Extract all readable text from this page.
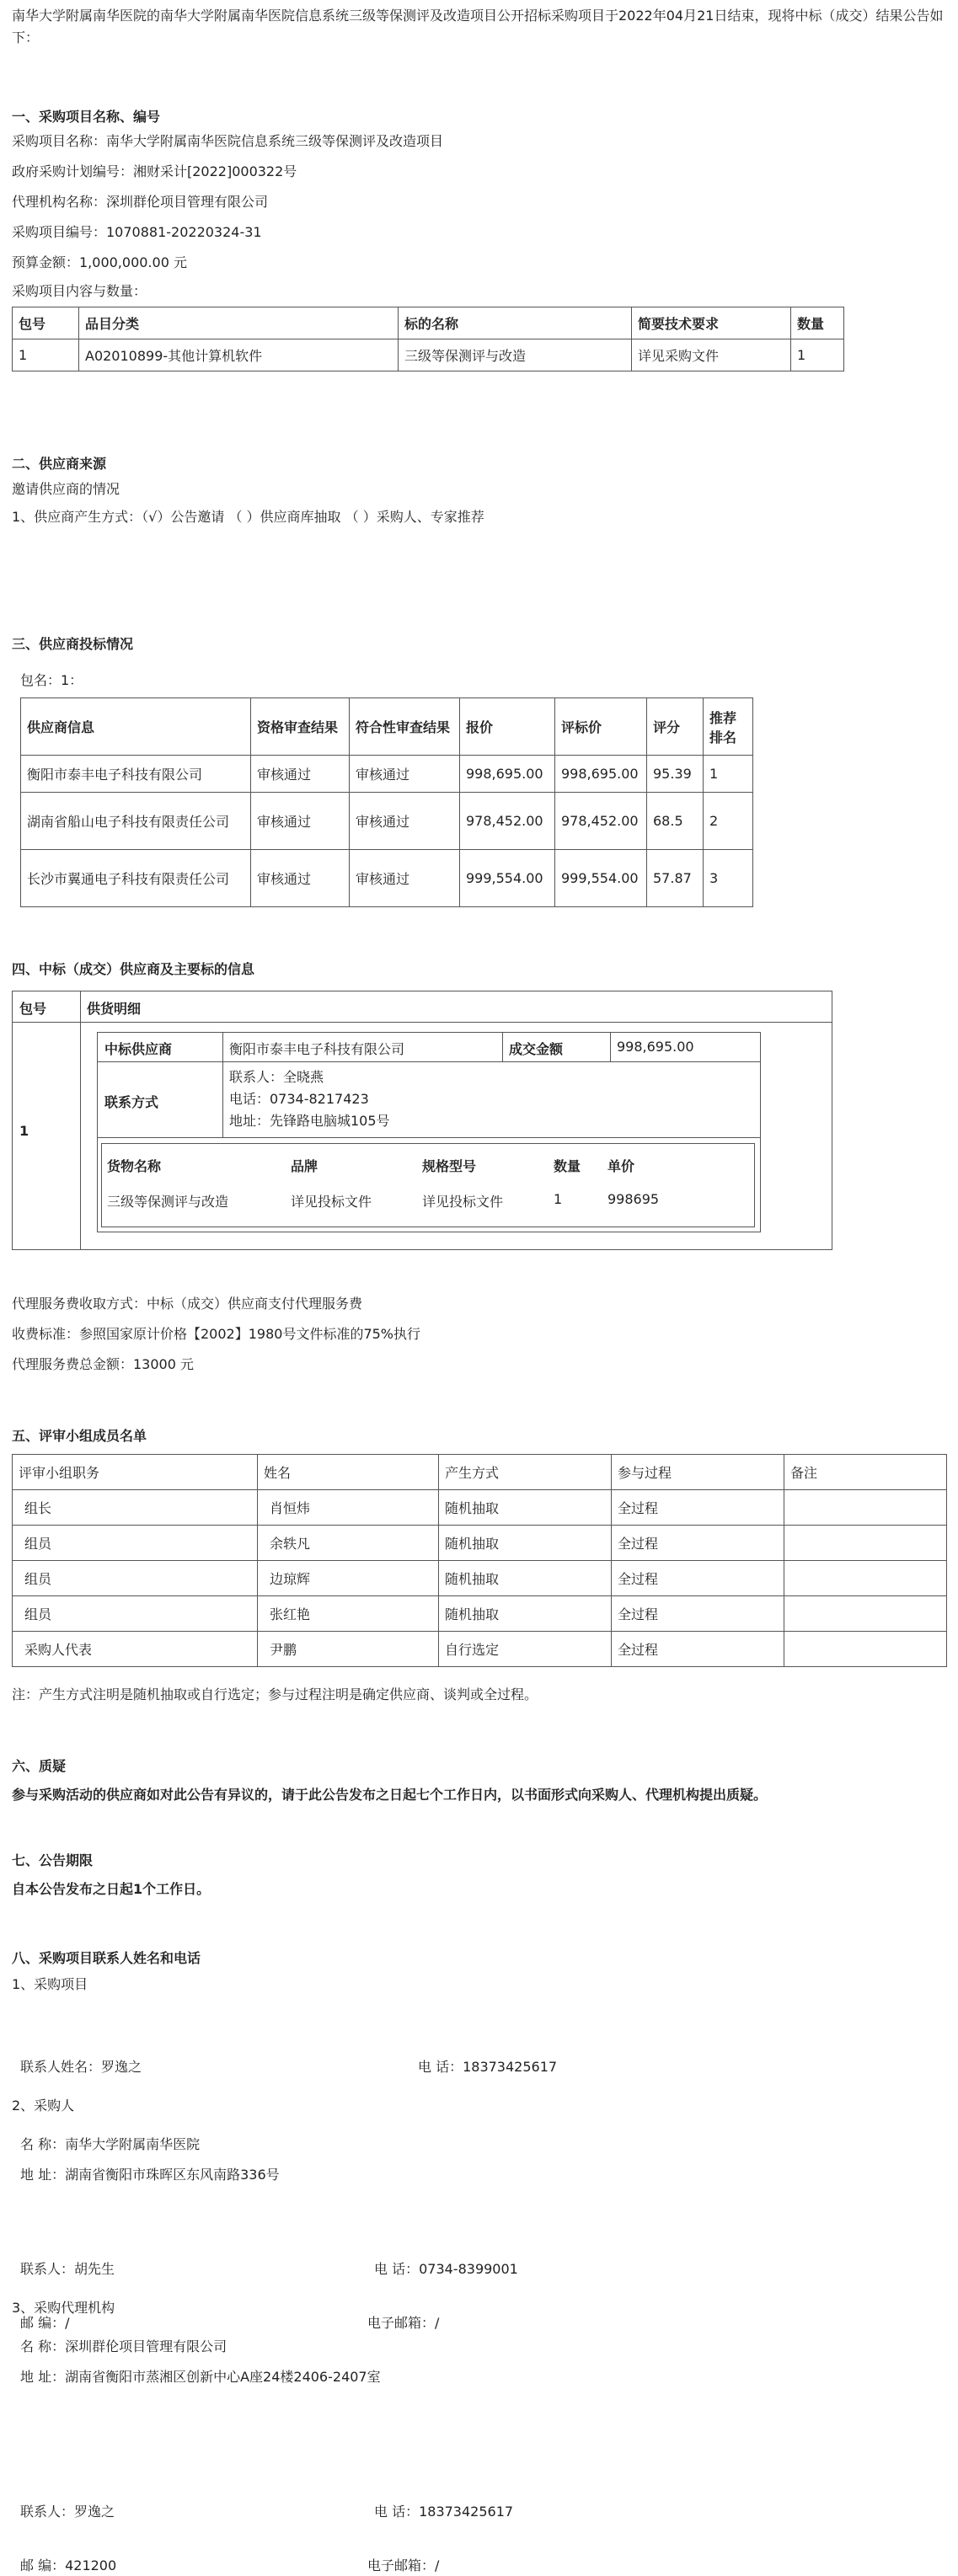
南华大学附属南华医院的南华大学附属南华医院信息系统三级等保测评及改造项目公开招标采购项目于2022年04月21日结束，现将中标（成交）结果公告如下：

一、采购项目名称、编号
采购项目名称：南华大学附属南华医院信息系统三级等保测评及改造项目
政府采购计划编号：湘财采计[2022]000322号
代理机构名称：深圳群伦项目管理有限公司
采购项目编号：1070881-20220324-31
预算金额：1,000,000.00 元
采购项目内容与数量：
包号	品目分类	标的名称	简要技术要求	数量
1	A02010899-其他计算机软件	三级等保测评与改造	详见采购文件	1
二、供应商来源
邀请供应商的情况
1、供应商产生方式：（√）公告邀请 （ ）供应商库抽取 （ ）采购人、专家推荐
三、供应商投标情况
包名：1：
供应商信息	资格审查结果	符合性审查结果	报价	评标价	评分	推荐排名
衡阳市泰丰电子科技有限公司	审核通过	审核通过	998,695.00	998,695.00	95.39	1
湖南省船山电子科技有限责任公司	审核通过	审核通过	978,452.00	978,452.00	68.5	2
长沙市翼通电子科技有限责任公司	审核通过	审核通过	999,554.00	999,554.00	57.87	3
四、中标（成交）供应商及主要标的信息
包号	供货明细
1
中标供应商	衡阳市泰丰电子科技有限公司	成交金额	998,695.00
联系方式
联系人：全晓燕
电话：0734-8217423
地址：先锋路电脑城105号
货物名称	品牌	规格型号	数量 单价
三级等保测评与改造	详见投标文件	详见投标文件	1	998695
代理服务费收取方式：中标（成交）供应商支付代理服务费
收费标准：参照国家原计价格【2002】1980号文件标准的75%执行
代理服务费总金额：13000 元
五、评审小组成员名单
评审小组职务	姓名	产生方式	参与过程	备注
组长	肖恒炜	随机抽取	全过程	
组员	余轶凡	随机抽取	全过程	
组员	边琼辉	随机抽取	全过程	
组员	张红艳	随机抽取	全过程	
采购人代表	尹鹏	自行选定	全过程	
注：产生方式注明是随机抽取或自行选定；参与过程注明是确定供应商、谈判或全过程。
六、质疑
参与采购活动的供应商如对此公告有异议的，请于此公告发布之日起七个工作日内，以书面形式向采购人、代理机构提出质疑。
七、公告期限
自本公告发布之日起1个工作日。
八、采购项目联系人姓名和电话
1、采购项目
联系人姓名：罗逸之	电 话：18373425617
2、采购人
名 称：南华大学附属南华医院
地 址：湖南省衡阳市珠晖区东风南路336号
联系人：胡先生	电 话：0734-8399001
邮 编：/	电子邮箱：/
3、采购代理机构
名 称：深圳群伦项目管理有限公司
地 址：湖南省衡阳市蒸湘区创新中心A座24楼2406-2407室
联系人：罗逸之	电 话：18373425617
邮 编：421200	电子邮箱：/
